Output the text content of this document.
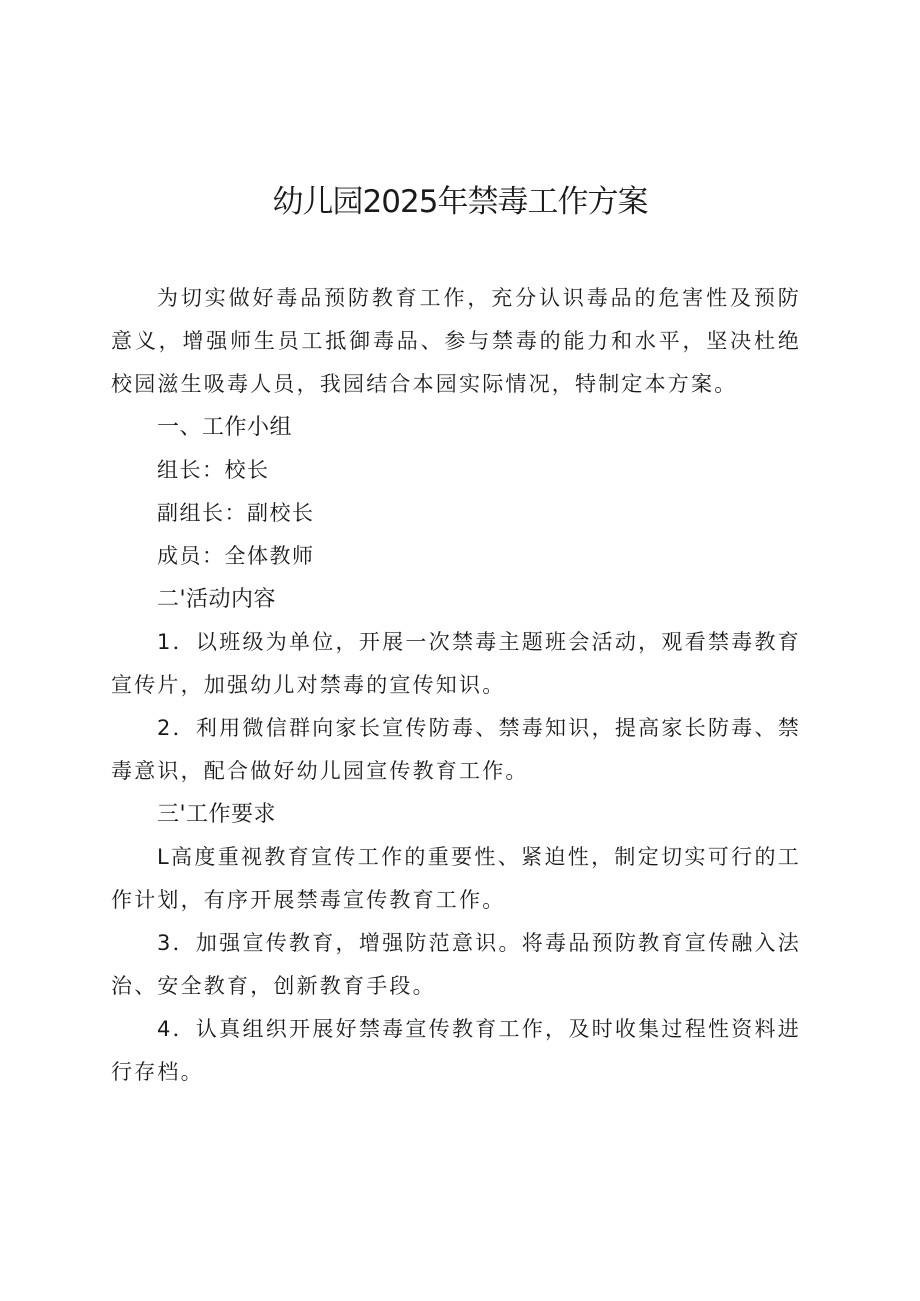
幼儿园2025年禁毒工作方案

为切实做好毒品预防教育工作，充分认识毒品的危害性及预防意义，增强师生员工抵御毒品、参与禁毒的能力和水平，坚决杜绝校园滋生吸毒人员，我园结合本园实际情况，特制定本方案。

一、工作小组

组长：校长

副组长：副校长

成员：全体教师

二'活动内容

1．以班级为单位，开展一次禁毒主题班会活动，观看禁毒教育宣传片，加强幼儿对禁毒的宣传知识。

2．利用微信群向家长宣传防毒、禁毒知识，提高家长防毒、禁毒意识，配合做好幼儿园宣传教育工作。

三'工作要求

L高度重视教育宣传工作的重要性、紧迫性，制定切实可行的工作计划，有序开展禁毒宣传教育工作。

3．加强宣传教育，增强防范意识。将毒品预防教育宣传融入法治、安全教育，创新教育手段。

4．认真组织开展好禁毒宣传教育工作，及时收集过程性资料进行存档。
